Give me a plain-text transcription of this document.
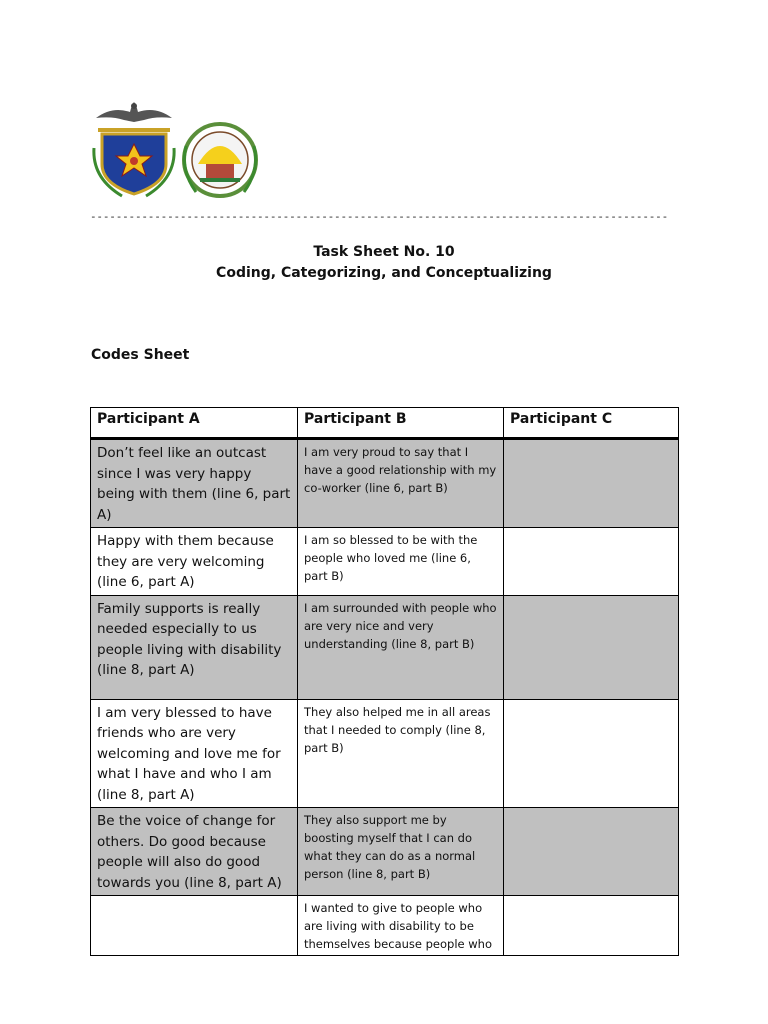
------------------------------------------------------------------------------------------
Task Sheet No. 10
Coding, Categorizing, and Conceptualizing
Codes Sheet
Participant A	Participant B	Participant C
Don’t feel like an outcast since I was very happy being with them (line 6, part A)	I am very proud to say that I have a good relationship with my co-worker (line 6, part B)	
Happy with them because they are very welcoming (line 6, part A)	I am so blessed to be with the people who loved me (line 6, part B)	
Family supports is really needed especially to us people living with disability (line 8, part A)	I am surrounded with people who are very nice and very understanding (line 8, part B)	
I am very blessed to have friends who are very welcoming and love me for what I have and who I am (line 8, part A)	They also helped me in all areas that I needed to comply (line 8, part B)	
Be the voice of change for others. Do good because people will also do good towards you (line 8, part A)	They also support me by boosting myself that I can do what they can do as a normal person (line 8, part B)	
	I wanted to give to people who are living with disability to be themselves because people who	
